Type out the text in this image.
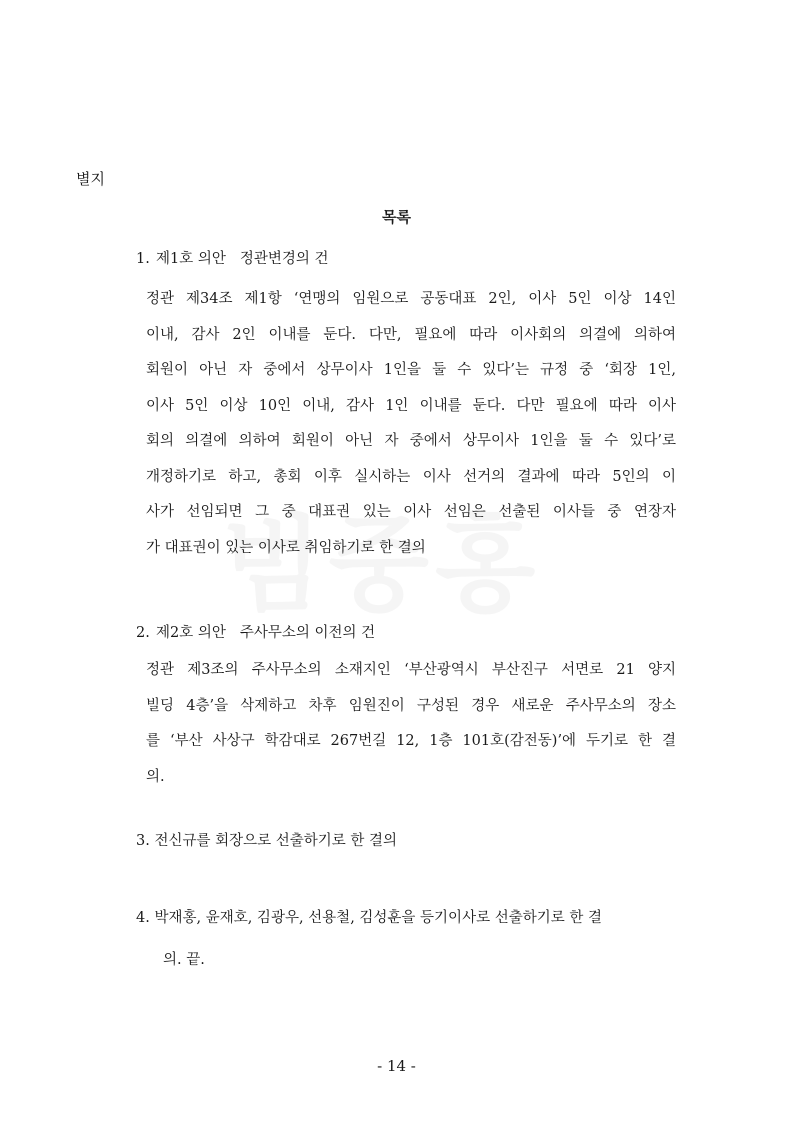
별지
목록
1. 제1호 의안 정관변경의 건
정관 제34조 제1항 ‘연맹의 임원으로 공동대표 2인, 이사 5인 이상 14인
이내, 감사 2인 이내를 둔다. 다만, 필요에 따라 이사회의 의결에 의하여
회원이 아닌 자 중에서 상무이사 1인을 둘 수 있다’는 규정 중 ‘회장 1인,
이사 5인 이상 10인 이내, 감사 1인 이내를 둔다. 다만 필요에 따라 이사
회의 의결에 의하여 회원이 아닌 자 중에서 상무이사 1인을 둘 수 있다’로
개정하기로 하고, 총회 이후 실시하는 이사 선거의 결과에 따라 5인의 이
사가 선임되면 그 중 대표권 있는 이사 선임은 선출된 이사들 중 연장자
가 대표권이 있는 이사로 취임하기로 한 결의
2. 제2호 의안 주사무소의 이전의 건
정관 제3조의 주사무소의 소재지인 ‘부산광역시 부산진구 서면로 21 양지
빌딩 4층’을 삭제하고 차후 임원진이 구성된 경우 새로운 주사무소의 장소
를 ‘부산 사상구 학감대로 267번길 12, 1층 101호(감전동)’에 두기로 한 결
의.
3. 전신규를 회장으로 선출하기로 한 결의
4. 박재홍, 윤재호, 김광우, 선용철, 김성훈을 등기이사로 선출하기로 한 결
의. 끝.
- 14 -
